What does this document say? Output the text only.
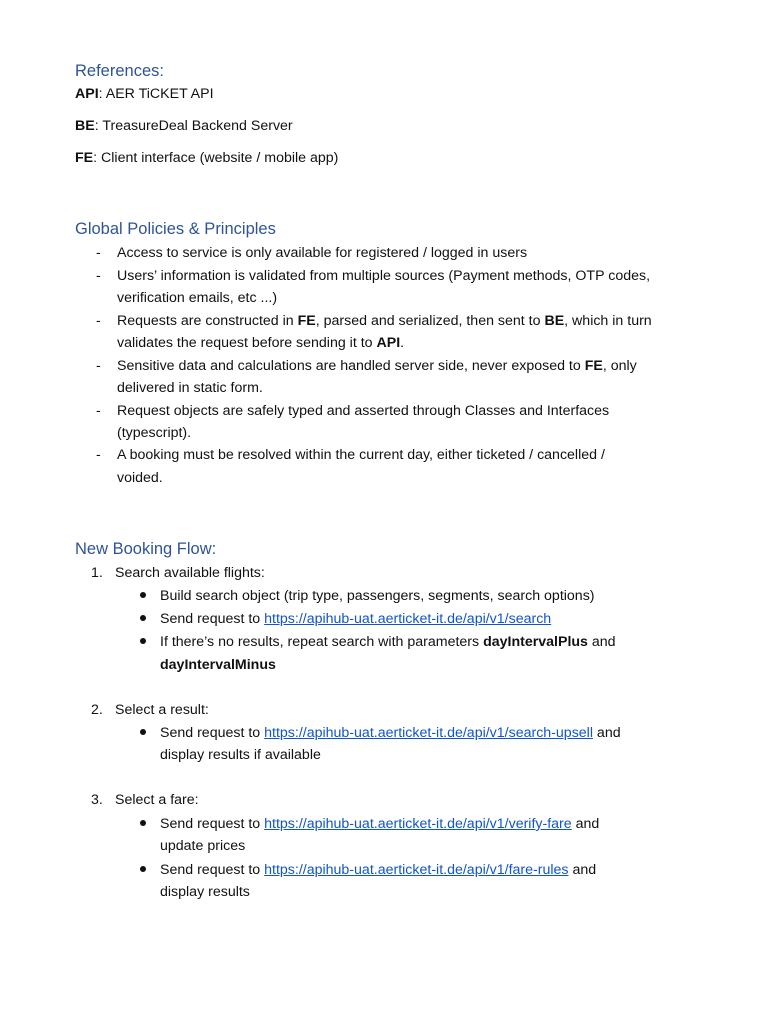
References:
API: AER TiCKET API
BE: TreasureDeal Backend Server
FE: Client interface (website / mobile app)
Global Policies & Principles
- Access to service is only available for registered / logged in users
- Users’ information is validated from multiple sources (Payment methods, OTP codes,
verification emails, etc ...)
- Requests are constructed in FE, parsed and serialized, then sent to BE, which in turn
validates the request before sending it to API.
- Sensitive data and calculations are handled server side, never exposed to FE, only
delivered in static form.
- Request objects are safely typed and asserted through Classes and Interfaces
(typescript).
- A booking must be resolved within the current day, either ticketed / cancelled /
voided.
New Booking Flow:
1. Search available flights:
Build search object (trip type, passengers, segments, search options)
Send request to https://apihub-uat.aerticket-it.de/api/v1/search
If there’s no results, repeat search with parameters dayIntervalPlus and
dayIntervalMinus
2. Select a result:
Send request to https://apihub-uat.aerticket-it.de/api/v1/search-upsell and
display results if available
3. Select a fare:
Send request to https://apihub-uat.aerticket-it.de/api/v1/verify-fare and
update prices
Send request to https://apihub-uat.aerticket-it.de/api/v1/fare-rules and
display results
